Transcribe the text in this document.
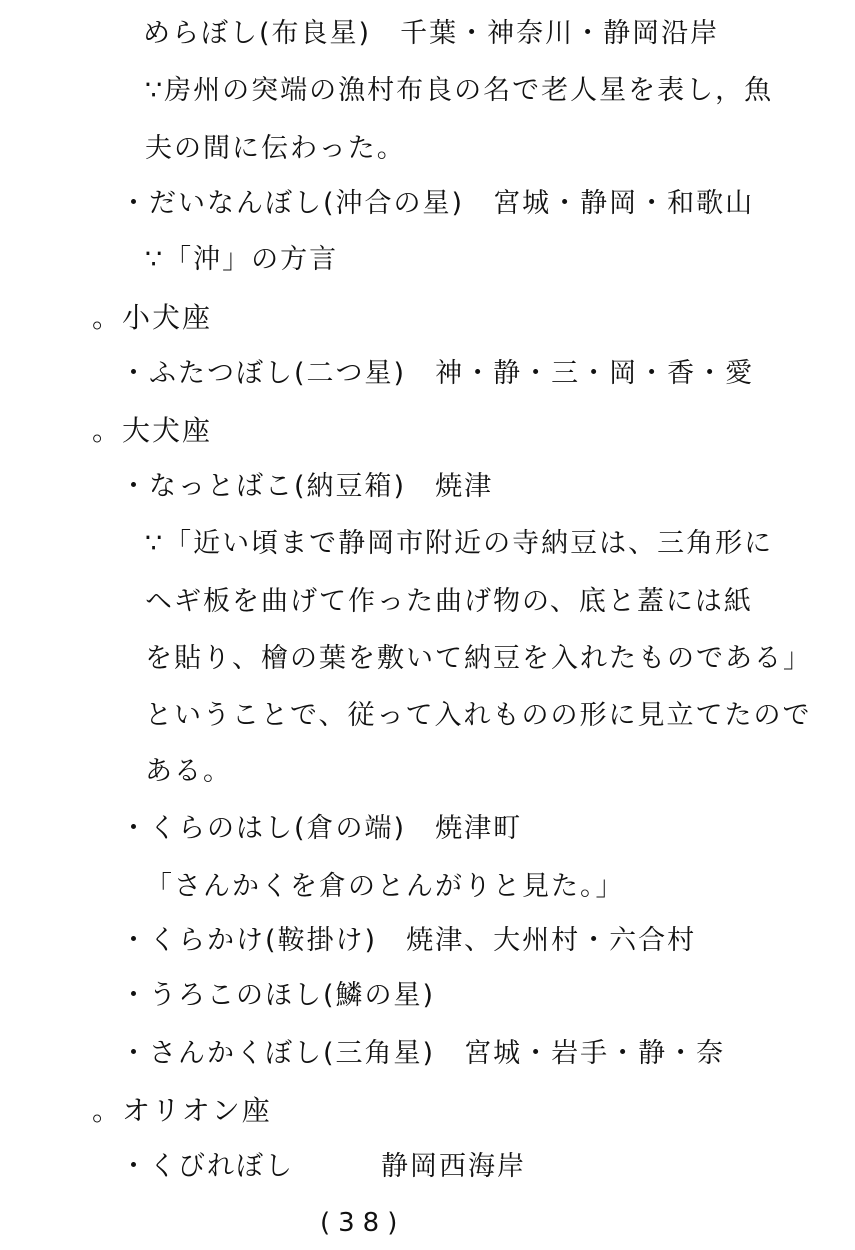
めらぼし(布良星)　千葉・神奈川・静岡沿岸
∵房州の突端の漁村布良の名で老人星を表し，魚
夫の間に伝わった。
・だいなんぼし(沖合の星)　宮城・静岡・和歌山
∵「沖」の方言
。小犬座
・ふたつぼし(二つ星)　神・静・三・岡・香・愛
。大犬座
・なっとばこ(納豆箱)　焼津
∵「近い頃まで静岡市附近の寺納豆は、三角形に
ヘギ板を曲げて作った曲げ物の、底と蓋には紙
を貼り、檜の葉を敷いて納豆を入れたものである」
ということで、従って入れものの形に見立てたので
ある。
・くらのはし(倉の端)　焼津町
「さんかくを倉のとんがりと見た。」
・くらかけ(鞍掛け)　焼津、大州村・六合村
・うろこのほし(鱗の星)
・さんかくぼし(三角星)　宮城・岩手・静・奈
。オリオン座
・くびれぼし　　　静岡西海岸
(38)
